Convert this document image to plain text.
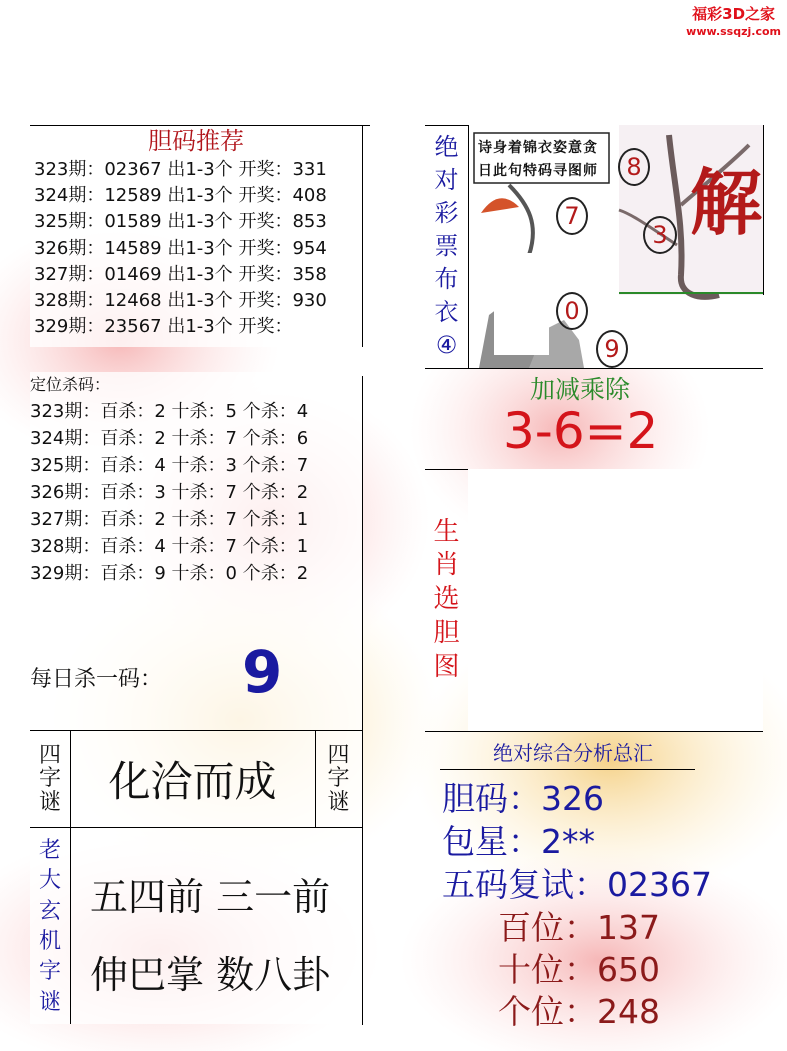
福彩3D之家
www.ssqzj.com
胆码推荐
323期：02367 出1-3个 开奖：331
324期：12589 出1-3个 开奖：408
325期：01589 出1-3个 开奖：853
326期：14589 出1-3个 开奖：954
327期：01469 出1-3个 开奖：358
328期：12468 出1-3个 开奖：930
329期：23567 出1-3个 开奖：
定位杀码：
323期：百杀：2 十杀：5 个杀：4
324期：百杀：2 十杀：7 个杀：6
325期：百杀：4 十杀：3 个杀：7
326期：百杀：3 十杀：7 个杀：2
327期：百杀：2 十杀：7 个杀：1
328期：百杀：4 十杀：7 个杀：1
329期：百杀：9 十杀：0 个杀：2
每日杀一码： 9
四
字
谜	化洽而成
四
字
谜
老
大
玄
机
字
谜
五四前 三一前
伸巴掌 数八卦
绝
对
彩
票
布
衣
④
诗身着锦衣姿意贪
日此句特码寻图师 解
8
7
3
0
9
加减乘除
3-6=2
生
肖
选
胆
图
绝对综合分析总汇
胆码：326
包星：2**
五码复试：02367
百位：137
十位：650
个位：248
